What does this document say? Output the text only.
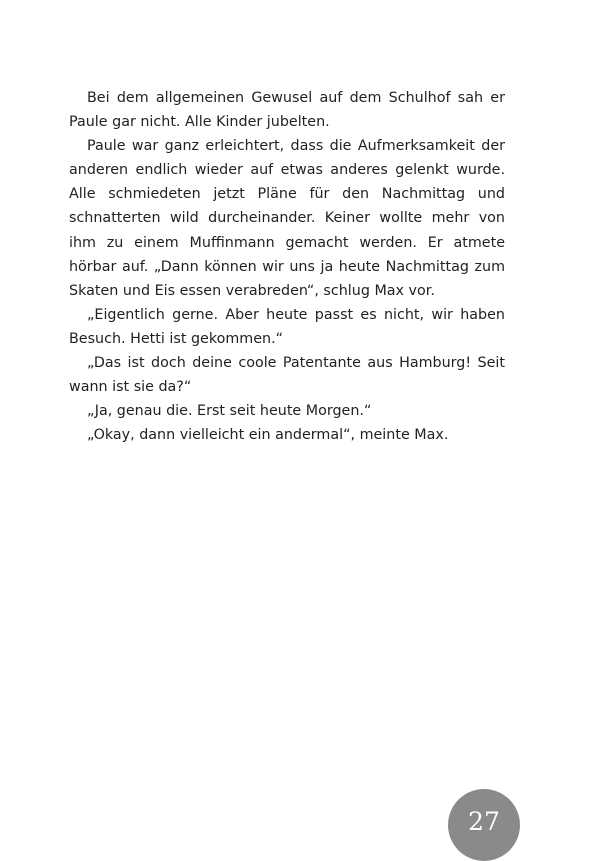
Bei dem allgemeinen Gewusel auf dem Schulhof sah er Paule gar nicht. Alle Kinder jubelten.

Paule war ganz erleichtert, dass die Aufmerksamkeit der anderen endlich wieder auf etwas anderes gelenkt wurde. Alle schmiedeten jetzt Pläne für den Nachmittag und schnatterten wild durcheinander. Keiner wollte mehr von ihm zu einem Muffinmann gemacht werden. Er atmete hörbar auf. „Dann können wir uns ja heute Nachmittag zum Skaten und Eis essen verabreden“, schlug Max vor.

„Eigentlich gerne. Aber heute passt es nicht, wir haben Besuch. Hetti ist gekommen.“

„Das ist doch deine coole Patentante aus Hamburg! Seit wann ist sie da?“

„Ja, genau die. Erst seit heute Morgen.“

„Okay, dann vielleicht ein andermal“, meinte Max.

27
